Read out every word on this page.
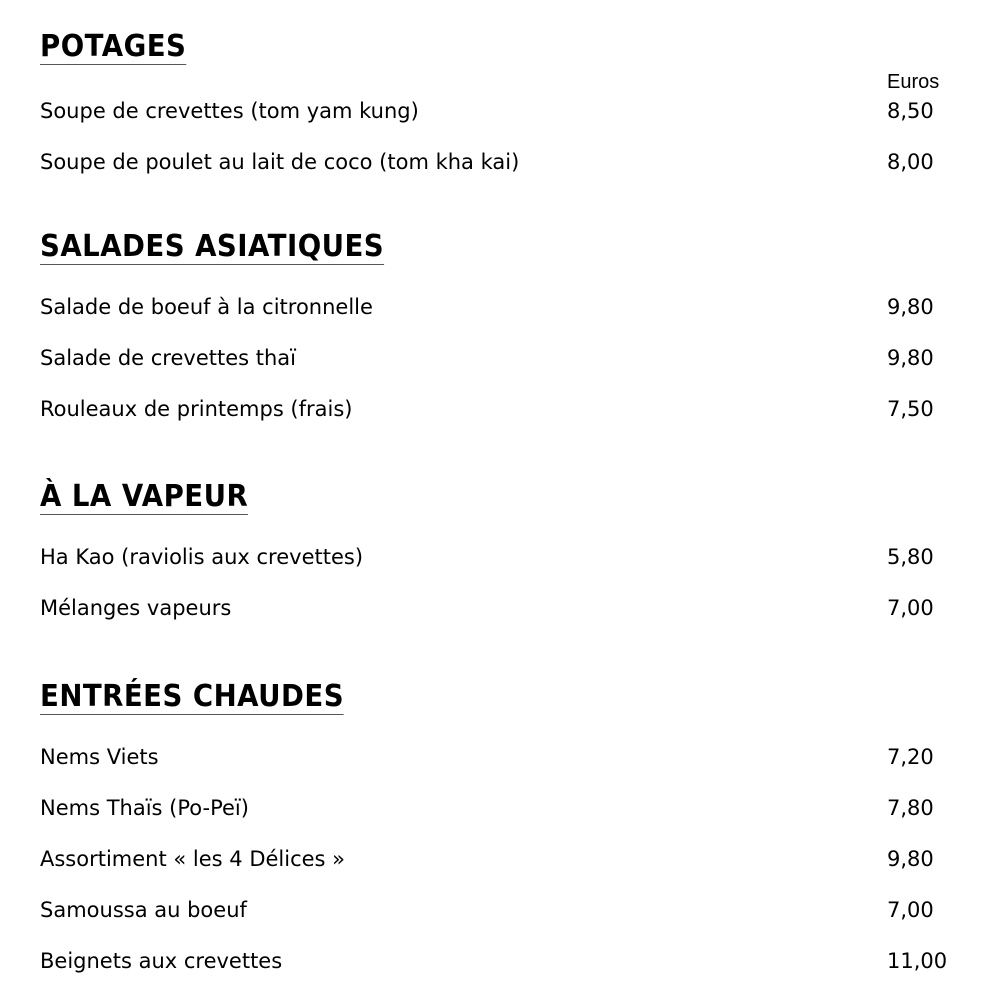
Euros
POTAGES
Soupe de crevettes (tom yam kung)	8,50
Soupe de poulet au lait de coco (tom kha kai)	8,00
SALADES ASIATIQUES
Salade de boeuf à la citronnelle	9,80
Salade de crevettes thaï	9,80
Rouleaux de printemps (frais)	7,50
À LA VAPEUR
Ha Kao (raviolis aux crevettes)	5,80
Mélanges vapeurs	7,00
ENTRÉES CHAUDES
Nems Viets	7,20
Nems Thaïs (Po-Peï)	7,80
Assortiment « les 4 Délices »	9,80
Samoussa au boeuf	7,00
Beignets aux crevettes	11,00
